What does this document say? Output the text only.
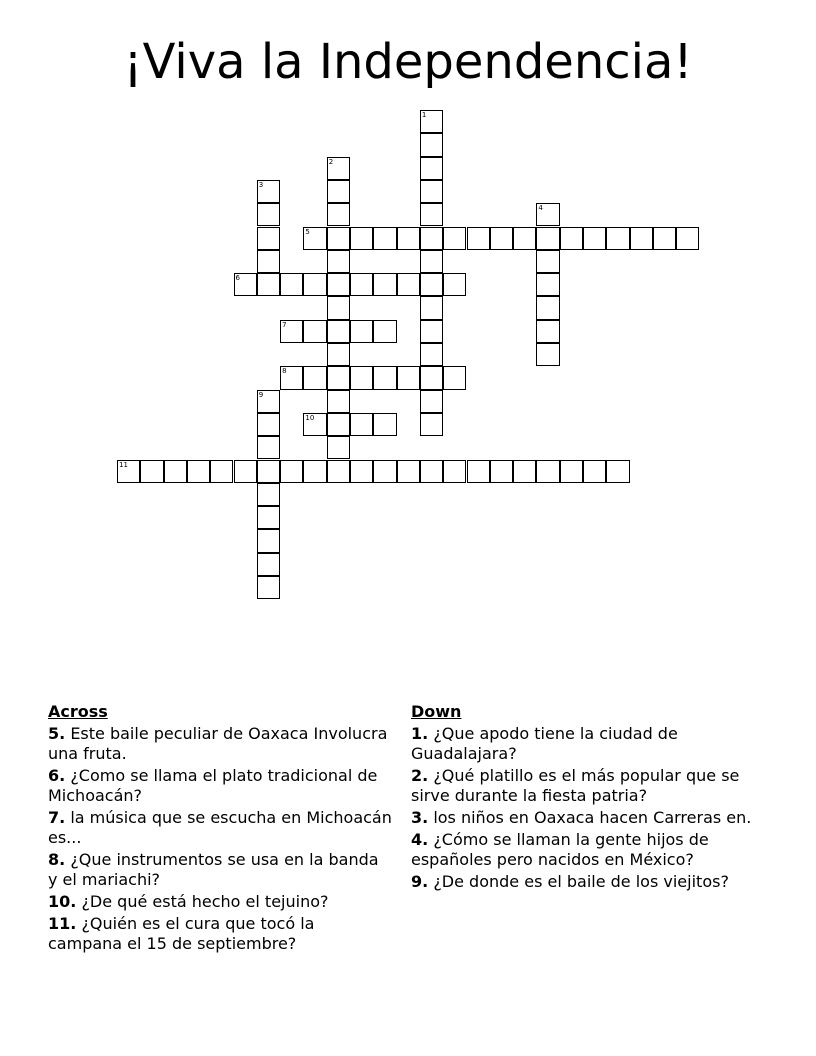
¡Viva la Independencia!
1
2
3
4
5
6
7
8
9
10
11
Across
5. Este baile peculiar de Oaxaca Involucra una fruta.
6. ¿Como se llama el plato tradicional de Michoacán?
7. la música que se escucha en Michoacán es...
8. ¿Que instrumentos se usa en la banda y el mariachi?
10. ¿De qué está hecho el tejuino?
11. ¿Quién es el cura que tocó la campana el 15 de septiembre?
Down
1. ¿Que apodo tiene la ciudad de Guadalajara?
2. ¿Qué platillo es el más popular que se sirve durante la fiesta patria?
3. los niños en Oaxaca hacen Carreras en.
4. ¿Cómo se llaman la gente hijos de españoles pero nacidos en México?
9. ¿De donde es el baile de los viejitos?
